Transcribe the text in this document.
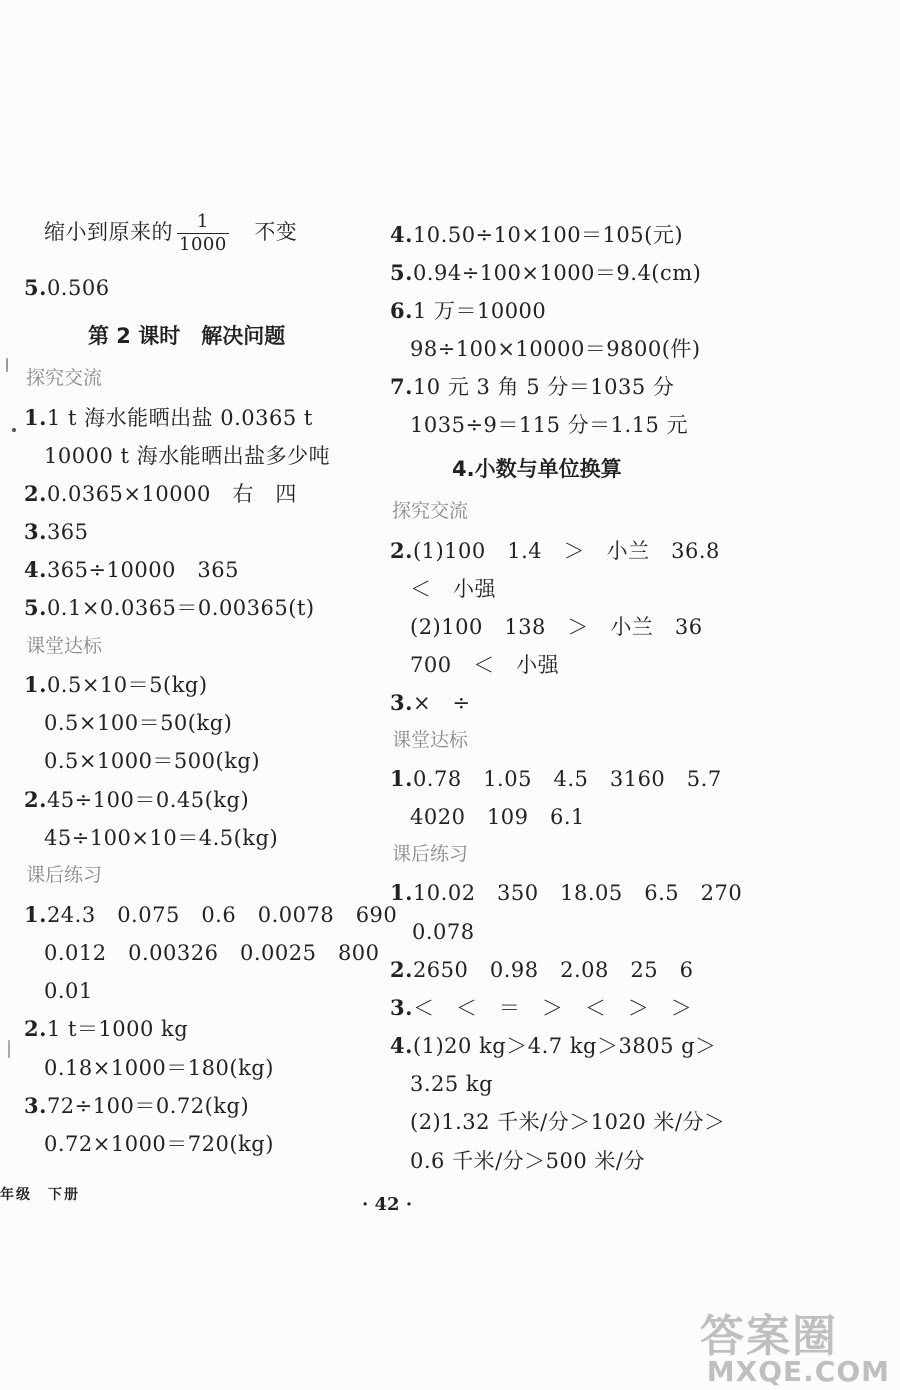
缩小到原来的 $\frac{1}{1000}$
　 不变
5.0.506
第 2 课时　解决问题
探究交流
1.1 t 海水能晒出盐 0.0365 t
10000 t 海水能晒出盐多少吨
2.0.0365×10000　右　四
3.365
4.365÷10000　365
5.0.1×0.0365＝0.00365(t)
课堂达标
1.0.5×10＝5(kg)
0.5×100＝50(kg)
0.5×1000＝500(kg)
2.45÷100＝0.45(kg)
45÷100×10＝4.5(kg)
课后练习
1.24.3　0.075　0.6　0.0078　690
0.012　0.00326　0.0025　800
0.01
2.1 t＝1000 kg
0.18×1000＝180(kg)
3.72÷100＝0.72(kg)
0.72×1000＝720(kg)
4.10.50÷10×100＝105(元)
5.0.94÷100×1000＝9.4(cm)
6.1 万＝10000
98÷100×10000＝9800(件)
7.10 元 3 角 5 分＝1035 分
1035÷9＝115 分＝1.15 元
4.小数与单位换算
探究交流
2.(1)100　1.4　＞　小兰　36.8
＜　小强
(2)100　138　＞　小兰　36
700　＜　小强
3.×　÷
课堂达标
1.0.78　1.05　4.5　3160　5.7
4020　109　6.1
课后练习
1.10.02　350　18.05　6.5　270
0.078
2.2650　0.98　2.08　25　6
3.＜　＜　＝　＞　＜　＞　＞
4.(1)20 kg＞4.7 kg＞3805 g＞
3.25 kg
(2)1.32 千米/分＞1020 米/分＞
0.6 千米/分＞500 米/分
年级　下册	· 42 ·
答案圈
MXQE.COM
